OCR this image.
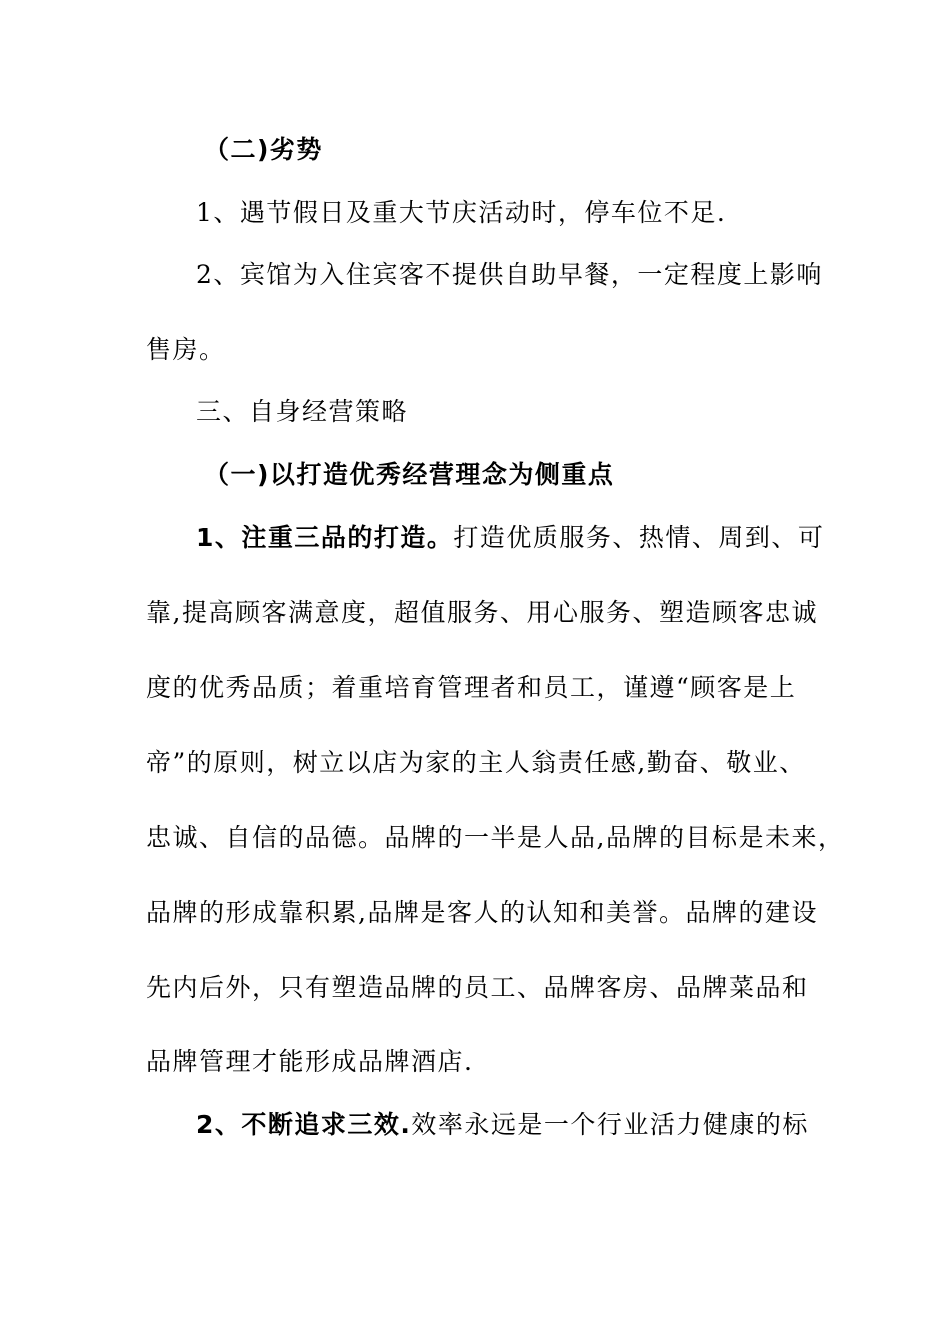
（二)劣势
1、遇节假日及重大节庆活动时，停车位不足.
2、宾馆为入住宾客不提供自助早餐，一定程度上影响
售房。
三、自身经营策略
（一)以打造优秀经营理念为侧重点
1、注重三品的打造。打造优质服务、热情、周到、可
靠,提高顾客满意度，超值服务、用心服务、塑造顾客忠诚
度的优秀品质；着重培育管理者和员工，谨遵“顾客是上
帝”的原则，树立以店为家的主人翁责任感,勤奋、敬业、
忠诚、自信的品德。品牌的一半是人品,品牌的目标是未来，
品牌的形成靠积累,品牌是客人的认知和美誉。品牌的建设
先内后外，只有塑造品牌的员工、品牌客房、品牌菜品和
品牌管理才能形成品牌酒店.
2、不断追求三效.效率永远是一个行业活力健康的标
